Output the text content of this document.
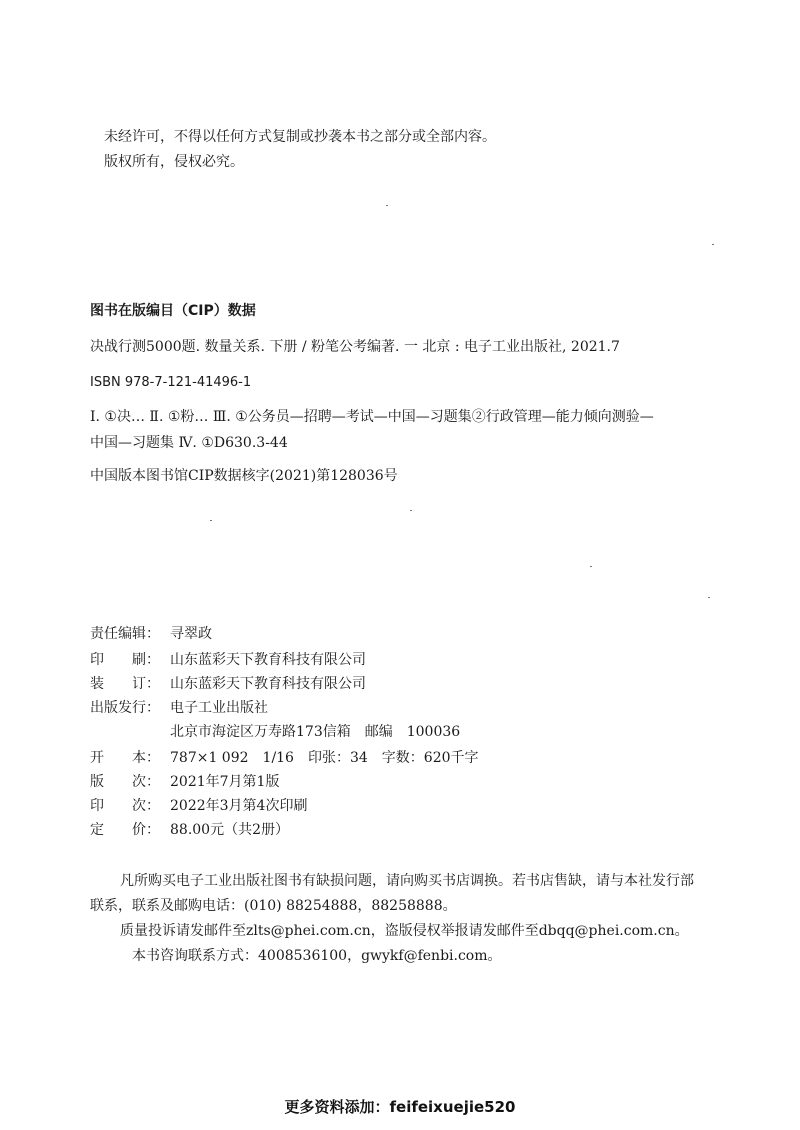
未经许可，不得以任何方式复制或抄袭本书之部分或全部内容。
版权所有，侵权必究。
图书在版编目（CIP）数据
决战行测5000题. 数量关系. 下册 / 粉笔公考编著. 一 北京 : 电子工业出版社, 2021.7
ISBN 978-7-121-41496-1
Ⅰ. ①决… Ⅱ. ①粉… Ⅲ. ①公务员—招聘—考试—中国—习题集②行政管理—能力倾向测验—
中国—习题集 Ⅳ. ①D630.3-44
中国版本图书馆CIP数据核字(2021)第128036号
责任编辑： 寻翠政
印　　刷： 山东蓝彩天下教育科技有限公司
装　　订： 山东蓝彩天下教育科技有限公司
出版发行： 电子工业出版社
北京市海淀区万寿路173信箱　邮编　100036
开　　本： 787×1 092　1/16　印张：34　字数：620千字
版　　次： 2021年7月第1版
印　　次： 2022年3月第4次印刷
定　　价： 88.00元（共2册）
凡所购买电子工业出版社图书有缺损问题，请向购买书店调换。若书店售缺，请与本社发行部
联系，联系及邮购电话：(010) 88254888，88258888。
质量投诉请发邮件至zlts@phei.com.cn，盗版侵权举报请发邮件至dbqq@phei.com.cn。
本书咨询联系方式：4008536100，gwykf@fenbi.com。
更多资料添加：feifeixuejie520
